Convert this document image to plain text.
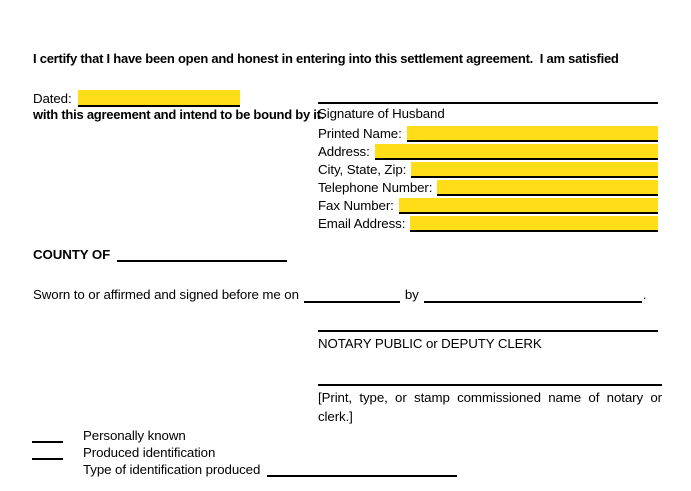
I certify that I have been open and honest in entering into this settlement agreement.  I am satisfied

with this agreement and intend to be bound by it.

Dated:
Signature of Husband
Printed Name:
Address:
City, State, Zip:
Telephone Number:
Fax Number:
Email Address:
COUNTY OF
Sworn to or affirmed and signed before me on	by	.
NOTARY PUBLIC or DEPUTY CLERK
[Print, type, or stamp commissioned name of notary or clerk.]
Personally known
Produced identification
Type of identification produced
